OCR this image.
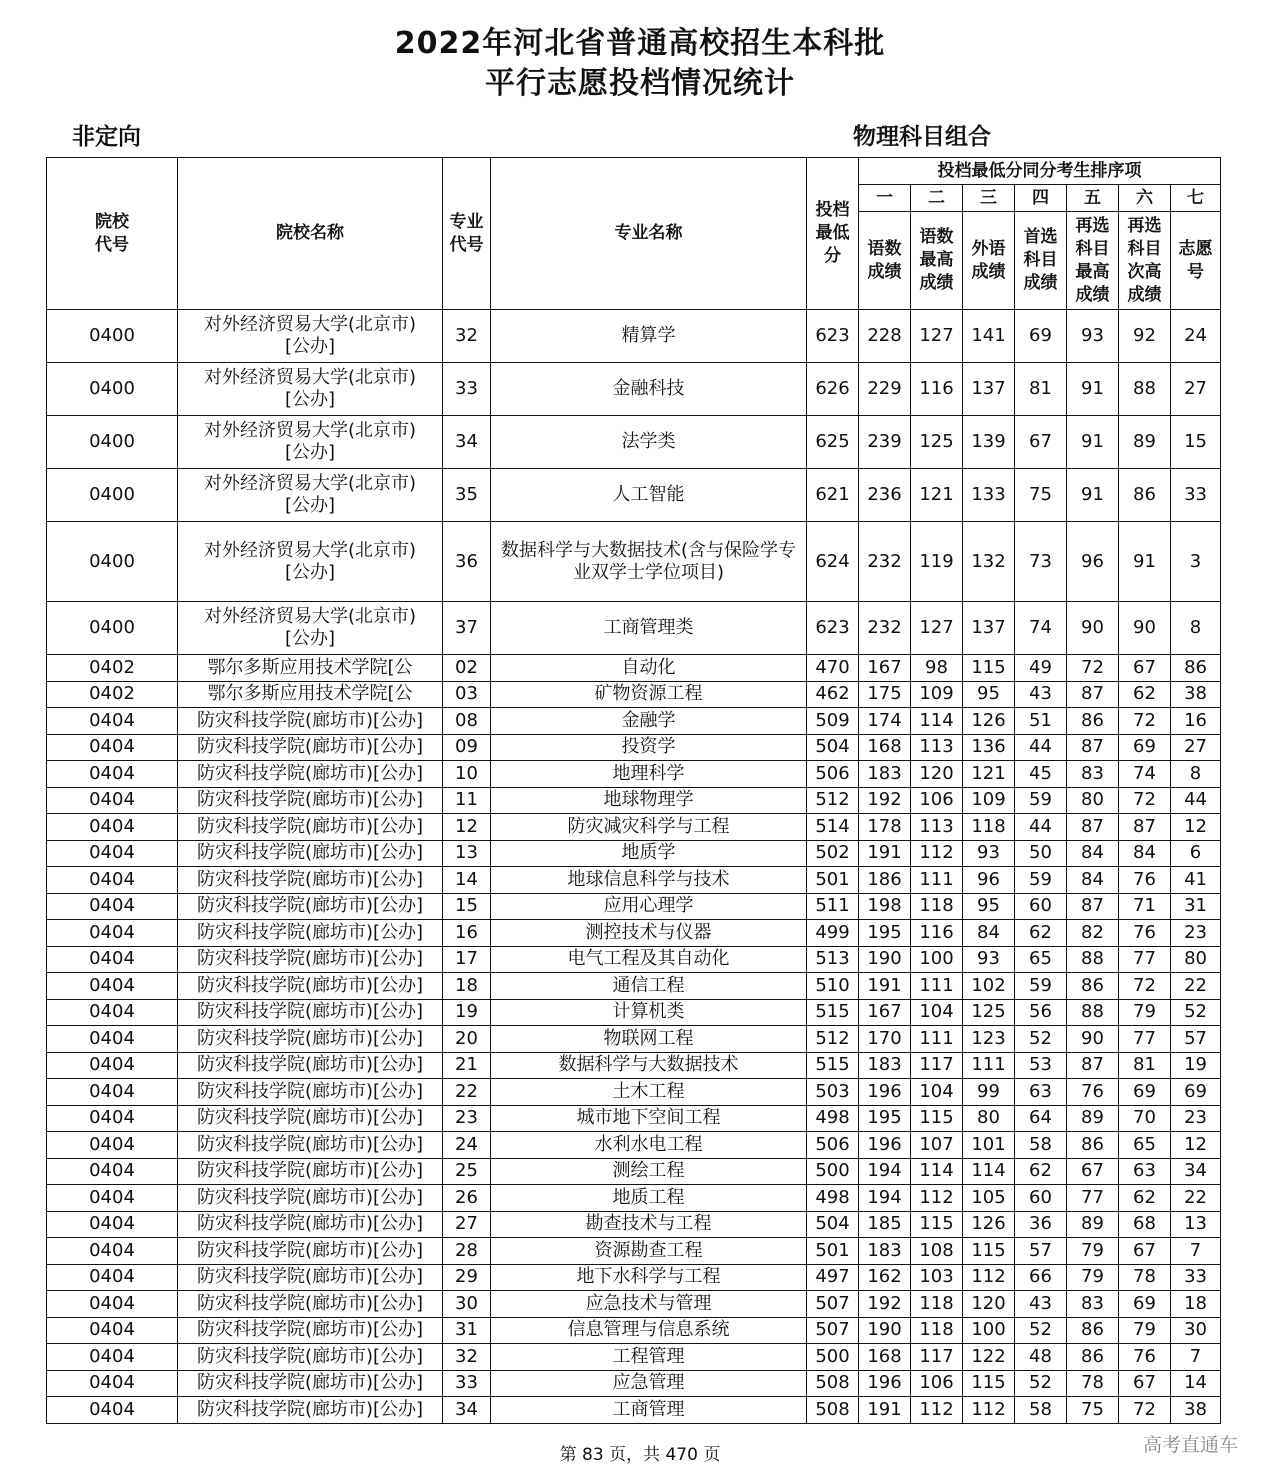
2022年河北省普通高校招生本科批
平行志愿投档情况统计
非定向	物理科目组合
院校代号	院校名称	专业代号	专业名称	投档最低分	投档最低分同分考生排序项						
					一	二	三	四	五	六	七
					语数成绩	语数最高成绩	外语成绩	首选科目成绩	再选科目最高成绩	再选科目次高成绩	志愿号
0400	对外经济贸易大学(北京市)[公办]	32	精算学	623	228	127	141	69	93	92	24
0400	对外经济贸易大学(北京市)[公办]	33	金融科技	626	229	116	137	81	91	88	27
0400	对外经济贸易大学(北京市)[公办]	34	法学类	625	239	125	139	67	91	89	15
0400	对外经济贸易大学(北京市)[公办]	35	人工智能	621	236	121	133	75	91	86	33
0400	对外经济贸易大学(北京市)[公办]	36	数据科学与大数据技术(含与保险学专业双学士学位项目)	624	232	119	132	73	96	91	3
0400	对外经济贸易大学(北京市)[公办]	37	工商管理类	623	232	127	137	74	90	90	8
0402	鄂尔多斯应用技术学院[公	02	自动化	470	167	98	115	49	72	67	86
0402	鄂尔多斯应用技术学院[公	03	矿物资源工程	462	175	109	95	43	87	62	38
0404	防灾科技学院(廊坊市)[公办]	08	金融学	509	174	114	126	51	86	72	16
0404	防灾科技学院(廊坊市)[公办]	09	投资学	504	168	113	136	44	87	69	27
0404	防灾科技学院(廊坊市)[公办]	10	地理科学	506	183	120	121	45	83	74	8
0404	防灾科技学院(廊坊市)[公办]	11	地球物理学	512	192	106	109	59	80	72	44
0404	防灾科技学院(廊坊市)[公办]	12	防灾减灾科学与工程	514	178	113	118	44	87	87	12
0404	防灾科技学院(廊坊市)[公办]	13	地质学	502	191	112	93	50	84	84	6
0404	防灾科技学院(廊坊市)[公办]	14	地球信息科学与技术	501	186	111	96	59	84	76	41
0404	防灾科技学院(廊坊市)[公办]	15	应用心理学	511	198	118	95	60	87	71	31
0404	防灾科技学院(廊坊市)[公办]	16	测控技术与仪器	499	195	116	84	62	82	76	23
0404	防灾科技学院(廊坊市)[公办]	17	电气工程及其自动化	513	190	100	93	65	88	77	80
0404	防灾科技学院(廊坊市)[公办]	18	通信工程	510	191	111	102	59	86	72	22
0404	防灾科技学院(廊坊市)[公办]	19	计算机类	515	167	104	125	56	88	79	52
0404	防灾科技学院(廊坊市)[公办]	20	物联网工程	512	170	111	123	52	90	77	57
0404	防灾科技学院(廊坊市)[公办]	21	数据科学与大数据技术	515	183	117	111	53	87	81	19
0404	防灾科技学院(廊坊市)[公办]	22	土木工程	503	196	104	99	63	76	69	69
0404	防灾科技学院(廊坊市)[公办]	23	城市地下空间工程	498	195	115	80	64	89	70	23
0404	防灾科技学院(廊坊市)[公办]	24	水利水电工程	506	196	107	101	58	86	65	12
0404	防灾科技学院(廊坊市)[公办]	25	测绘工程	500	194	114	114	62	67	63	34
0404	防灾科技学院(廊坊市)[公办]	26	地质工程	498	194	112	105	60	77	62	22
0404	防灾科技学院(廊坊市)[公办]	27	勘查技术与工程	504	185	115	126	36	89	68	13
0404	防灾科技学院(廊坊市)[公办]	28	资源勘查工程	501	183	108	115	57	79	67	7
0404	防灾科技学院(廊坊市)[公办]	29	地下水科学与工程	497	162	103	112	66	79	78	33
0404	防灾科技学院(廊坊市)[公办]	30	应急技术与管理	507	192	118	120	43	83	69	18
0404	防灾科技学院(廊坊市)[公办]	31	信息管理与信息系统	507	190	118	100	52	86	79	30
0404	防灾科技学院(廊坊市)[公办]	32	工程管理	500	168	117	122	48	86	76	7
0404	防灾科技学院(廊坊市)[公办]	33	应急管理	508	196	106	115	52	78	67	14
0404	防灾科技学院(廊坊市)[公办]	34	工商管理	508	191	112	112	58	75	72	38
第 83 页，共 470 页	高考直通车
